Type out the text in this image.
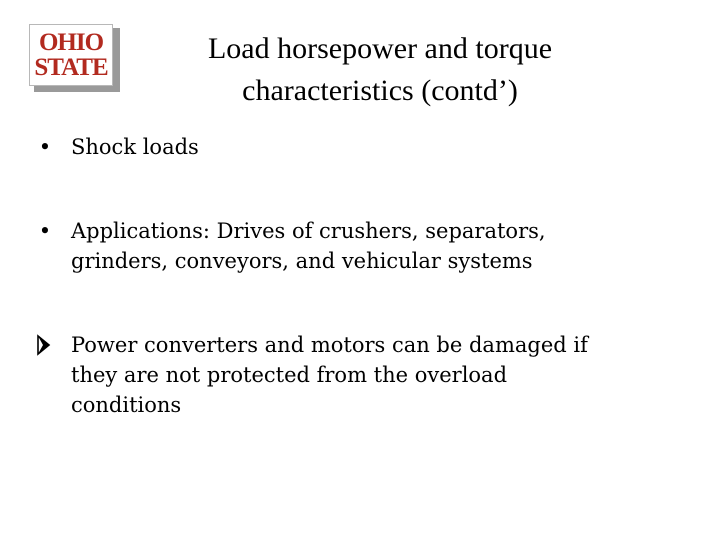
OHIO
STATE
Load horsepower and torque
characteristics (contd’)
• Shock loads
• Applications: Drives of crushers, separators,
grinders, conveyors, and vehicular systems
Power converters and motors can be damaged if
they are not protected from the overload
conditions
